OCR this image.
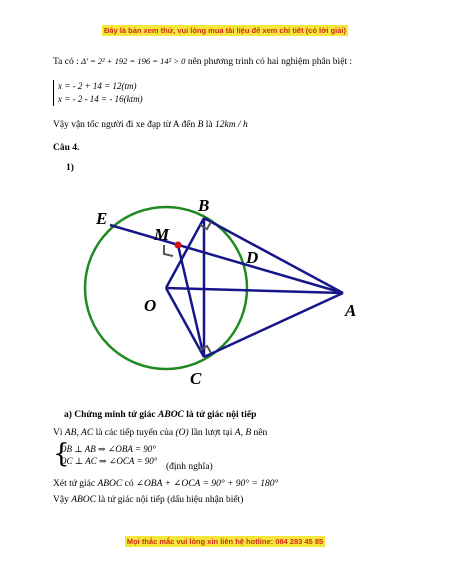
Đây là bản xem thử, vui lòng mua tài liệu để xem chi tiết (có lời giải)
Ta có : Δ' = 2² + 192 = 196 = 14² > 0 nên phương trình có hai nghiệm phân biệt :
x = - 2 + 14 = 12(tm)
x = - 2 - 14 = - 16(ktm)
Vậy vận tốc người đi xe đạp từ A đến B là 12km / h
Câu 4.
1)
E
B
M
D
O	A
C
a) Chứng minh tứ giác ABOC là tứ giác nội tiếp
Vì AB, AC là các tiếp tuyến của (O) lần lượt tại A, B nên
{
OB ⊥ AB ⇒ ∠OBA = 90°
OC ⊥ AC ⇒ ∠OCA = 90°
(định nghĩa)
Xét tứ giác ABOC có ∠OBA + ∠OCA = 90° + 90° = 180°
Vậy ABOC là tứ giác nội tiếp (dấu hiệu nhận biết)
Mọi thắc mắc vui lòng xin liên hệ hotline: 084 283 45 85
